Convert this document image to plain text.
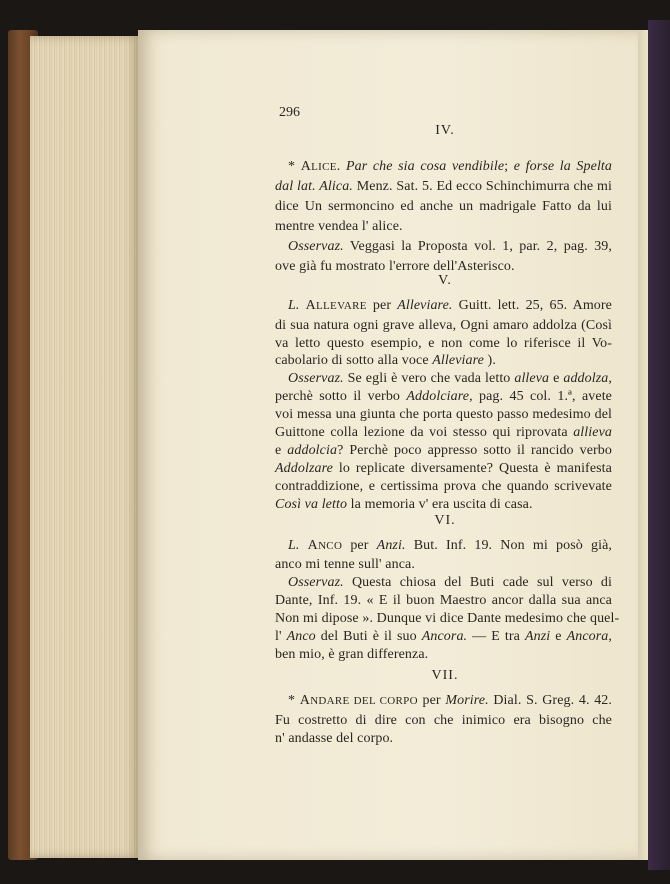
296
IV.
* ALICE. Par che sia cosa vendibile; e forse la Spelta
dal lat. Alica. Menz. Sat. 5. Ed ecco Schinchimurra che mi
dice Un sermoncino ed anche un madrigale Fatto da lui
mentre vendea l' alice.
Osservaz. Veggasi la Proposta vol. 1, par. 2, pag. 39,
ove già fu mostrato l'errore dell'Asterisco.
V.
L. ALLEVARE per Alleviare. Guitt. lett. 25, 65. Amore
di sua natura ogni grave alleva, Ogni amaro addolza (Così
va letto questo esempio, e non come lo riferisce il Vo-
cabolario di sotto alla voce Alleviare ).
Osservaz. Se egli è vero che vada letto alleva e addolza,
perchè sotto il verbo Addolciare, pag. 45 col. 1.ª, avete
voi messa una giunta che porta questo passo medesimo del
Guittone colla lezione da voi stesso qui riprovata allieva
e addolcia? Perchè poco appresso sotto il rancido verbo
Addolzare lo replicate diversamente? Questa è manifesta
contraddizione, e certissima prova che quando scrivevate
Così va letto la memoria v' era uscita di casa.
VI.
L. ANCO per Anzi. But. Inf. 19. Non mi posò già,
anco mi tenne sull' anca.
Osservaz. Questa chiosa del Buti cade sul verso di
Dante, Inf. 19. « E il buon Maestro ancor dalla sua anca
Non mi dipose ». Dunque vi dice Dante medesimo che quel-
l' Anco del Buti è il suo Ancora. — E tra Anzi e Ancora,
ben mio, è gran differenza.
VII.
* ANDARE DEL CORPO per Morire. Dial. S. Greg. 4. 42.
Fu costretto di dire con che inimico era bisogno che
n' andasse del corpo.
